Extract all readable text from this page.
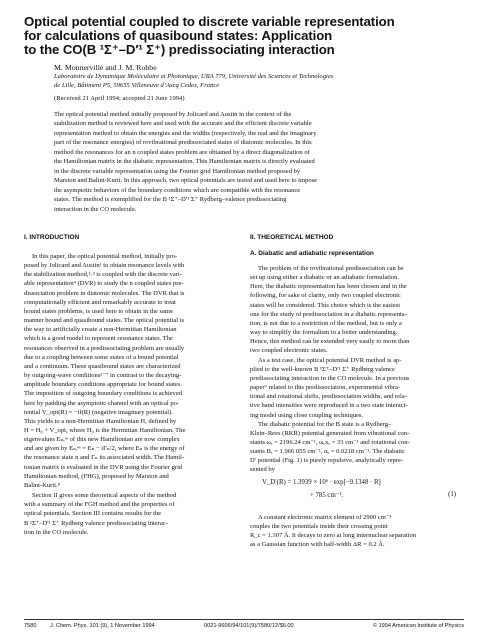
Optical potential coupled to discrete variable representation
for calculations of quasibound states: Application
to the CO(B ¹Σ⁺–D′¹ Σ⁺) predissociating interaction
M. Monnerville and J. M. Robbe
Laboratoire de Dynamique Moléculaire et Photonique, URA 779, Université des Sciences et Technologies
de Lille, Bâtiment P5, 59655 Villeneuve d’Ascq Cedex, France
(Received 21 April 1994; accepted 21 June 1994)
The optical potential method initially proposed by Jolicard and Austin in the context of the
stabilization method is reviewed here and used with the accurate and the efficient discrete variable
representation method to obtain the energies and the widths (respectively, the real and the imaginary
part of the resonance energies) of rovibrational predissociated states of diatomic molecules. In this
method the resonances for an n coupled states problem are obtained by a direct diagonalization of
the Hamiltonian matrix in the diabatic representation. This Hamiltonian matrix is directly evaluated
in the discrete variable representation using the Fourier grid Hamiltonian method proposed by
Marston and Balint-Kurti. In this approach, two optical potentials are tested and used here to impose
the asymptotic behaviors of the boundary conditions which are compatible with the resonance
states. The method is exemplified for the B ¹Σ⁺–D′¹ Σ⁺ Rydberg–valence predissociating
interaction in the CO molecule.
I. INTRODUCTION
In this paper, the optical potential method, initially pro-
posed by Jolicard and Austin¹ to obtain resonance levels with
the stabilization method,²˒³ is coupled with the discrete vari-
able representation⁴ (DVR) to study the n coupled states pre-
dissociation problem in diatomic molecules. The DVR that is
computationally efficient and remarkably accurate to treat
bound states problems, is used here to obtain in the same
manner bound and quasibound states. The optical potential is
the way to artificially create a non-Hermitian Hamiltonian
which is a good model to represent resonance states. The
resonances observed in a predissociating problem are usually
due to a coupling between some states of a bound potential
and a continuum. These quasibound states are characterized
by outgoing-wave conditions⁵⁻⁷ in contrast to the decaying-
amplitude boundary conditions appropriate for bound states.
The imposition of outgoing boundary conditions is achieved
here by padding the asymptotic channel with an optical po-
tential V_opt(R) = −if(R) (negative imaginary potential).
This yields to a non-Hermitian Hamiltonian H, defined by
H = H₀ + V_opt, where H₀ is the Hermitian Hamiltonian. The
eigenvalues Eₙᵣᵉˢ of this new Hamiltonian are now complex
and are given by Eₙᵣᵉˢ = Eₙ − iΓₙ/2, where Eₙ is the energy of
the resonance state n and Γₙ its associated width. The Hamil-
tonian matrix is evaluated in the DVR using the Fourier grid
Hamiltonian method, (FHG), proposed by Marston and
Balint-Kurti.⁸
Section II gives some theoretical aspects of the method
with a summary of the FGH method and the properties of
optical potentials. Section III contains results for the
B ¹Σ⁺–D′¹ Σ⁺ Rydberg valence predissociating interac-
tion in the CO molecule.
II. THEORETICAL METHOD
A. Diabatic and adiabatic representation
The problem of the rovibrational predissociation can be
set up using either a diabatic or an adiabatic formulation.
Here, the diabatic representation has been chosen and in the
following, for sake of clarity, only two coupled electronic
states will be considered. This choice which is the easiest
one for the study of predissociation in a diabatic representa-
tion, is not due to a restriction of the method, but is only a
way to simplify the formalism to a better understanding.
Hence, this method can be extended very easily to more than
two coupled electronic states.
As a test case, the optical potential DVR method is ap-
plied to the well-known B ¹Σ⁺–D′¹ Σ⁺ Rydberg valence
predissociating interaction in the CO molecule. In a previous
paper⁹ related to this predissociation, experimental vibra-
tional and rotational shifts, predissociation widths, and rela-
tive band intensities were reproduced in a two state interact-
ing model using close coupling techniques.
The diabatic potential for the B state is a Rydberg–
Klein–Rees (RKR) potential generated from vibrational con-
stants ωₑ = 2196.24 cm⁻¹, ωₑxₑ = 33 cm⁻¹ and rotational con-
stants Bₑ = 1.966 055 cm⁻¹, αₑ = 0.0218 cm⁻¹. The diabatic
D′ potential (Fig. 1) is purely repulsive, analytically repre-
sented by
V_D′(R) = 1.3939 × 10⁶ · exp[−9.1348 · R]
+ 785 cm⁻¹.	(1)
A constant electronic matrix element of 2900 cm⁻¹
couples the two potentials inside their crossing point
R_c = 1.307 Å. It decays to zero at long internuclear separation
as a Gaussian function with half-width ΔR = 0.2 Å.
7580 J. Chem. Phys. 101 (9), 1 November 1994	0021-9606/94/101(9)/7580/12/$6.00	© 1994 American Institute of Physics
